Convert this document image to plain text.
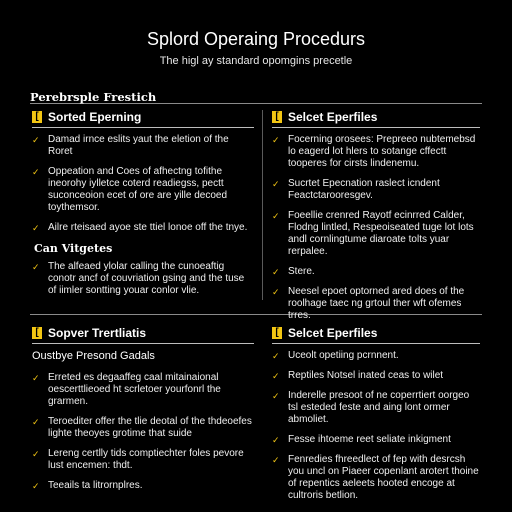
Splord Operaing Procedurs
The higl ay standard opomgins precetle
Perebrsple Frestich
[ Sorted Eperning
✓ Damad irnce eslits yaut the eletion of the Roret
✓ Oppeation and Coes of afhectng tofithe ineorohy iylletce coterd readiegss, pectt suconceoion ecet of ore are yille decoed toythemsor.
✓ Ailre rteisaed ayoe ste ttiel lonoe off the tnye.
Can Vitgetes
✓ The alfeaed ylolar calling the cunoeaftig conotr ancf of couvriation gsing and the tuse of iimler sontting youar conlor vlie.
[ Selcet Eperfiles
✓ Focerning orosees: Prepreeo nubtemebsd lo eagerd lot hlers to sotange cffectt tooperes for cirsts lindenemu.
✓ Sucrtet Epecnation raslect icndent Feactctarooresgev.
✓ Foeellie crenred Rayotf ecinrred Calder, Flodng lintled, Respeoiseated tuge lot lots andl cornlingtume diaroate tolts yuar rerpalee.
✓ Stere.
✓ Neesel epoet optorned ared does of the roolhage taec ng grtoul ther wft ofemes trres.
[ Sopver Trertliatis
Oustbye Presond Gadals
✓ Erreted es degaaffeg caal mitainaional oescerttlieoed ht scrletoer yourfonrl the grarmen.
✓ Teroediter offer the tlie deotal of the thdeoefes lighte theoyes grotime that suide
✓ Lereng certlly tids comptiechter foles pevore lust encemen: thdt.
✓ Teeails ta litrornplres.
[ Selcet Eperfiles
✓ Uceolt opetiing pcrnnent.
✓ Reptiles Notsel inated ceas to wilet
✓ Inderelle presoot of ne coperrtiert oorgeo tsl esteded feste and aing lont ormer abmoliet.
✓ Fesse ihtoeme reet seliate inkigment
✓ Fenredies fhreedlect of fep with desrcsh you uncl on Piaeer copenlant arotert thoine of repentics aeleets hooted encoge at cultroris betlion.
